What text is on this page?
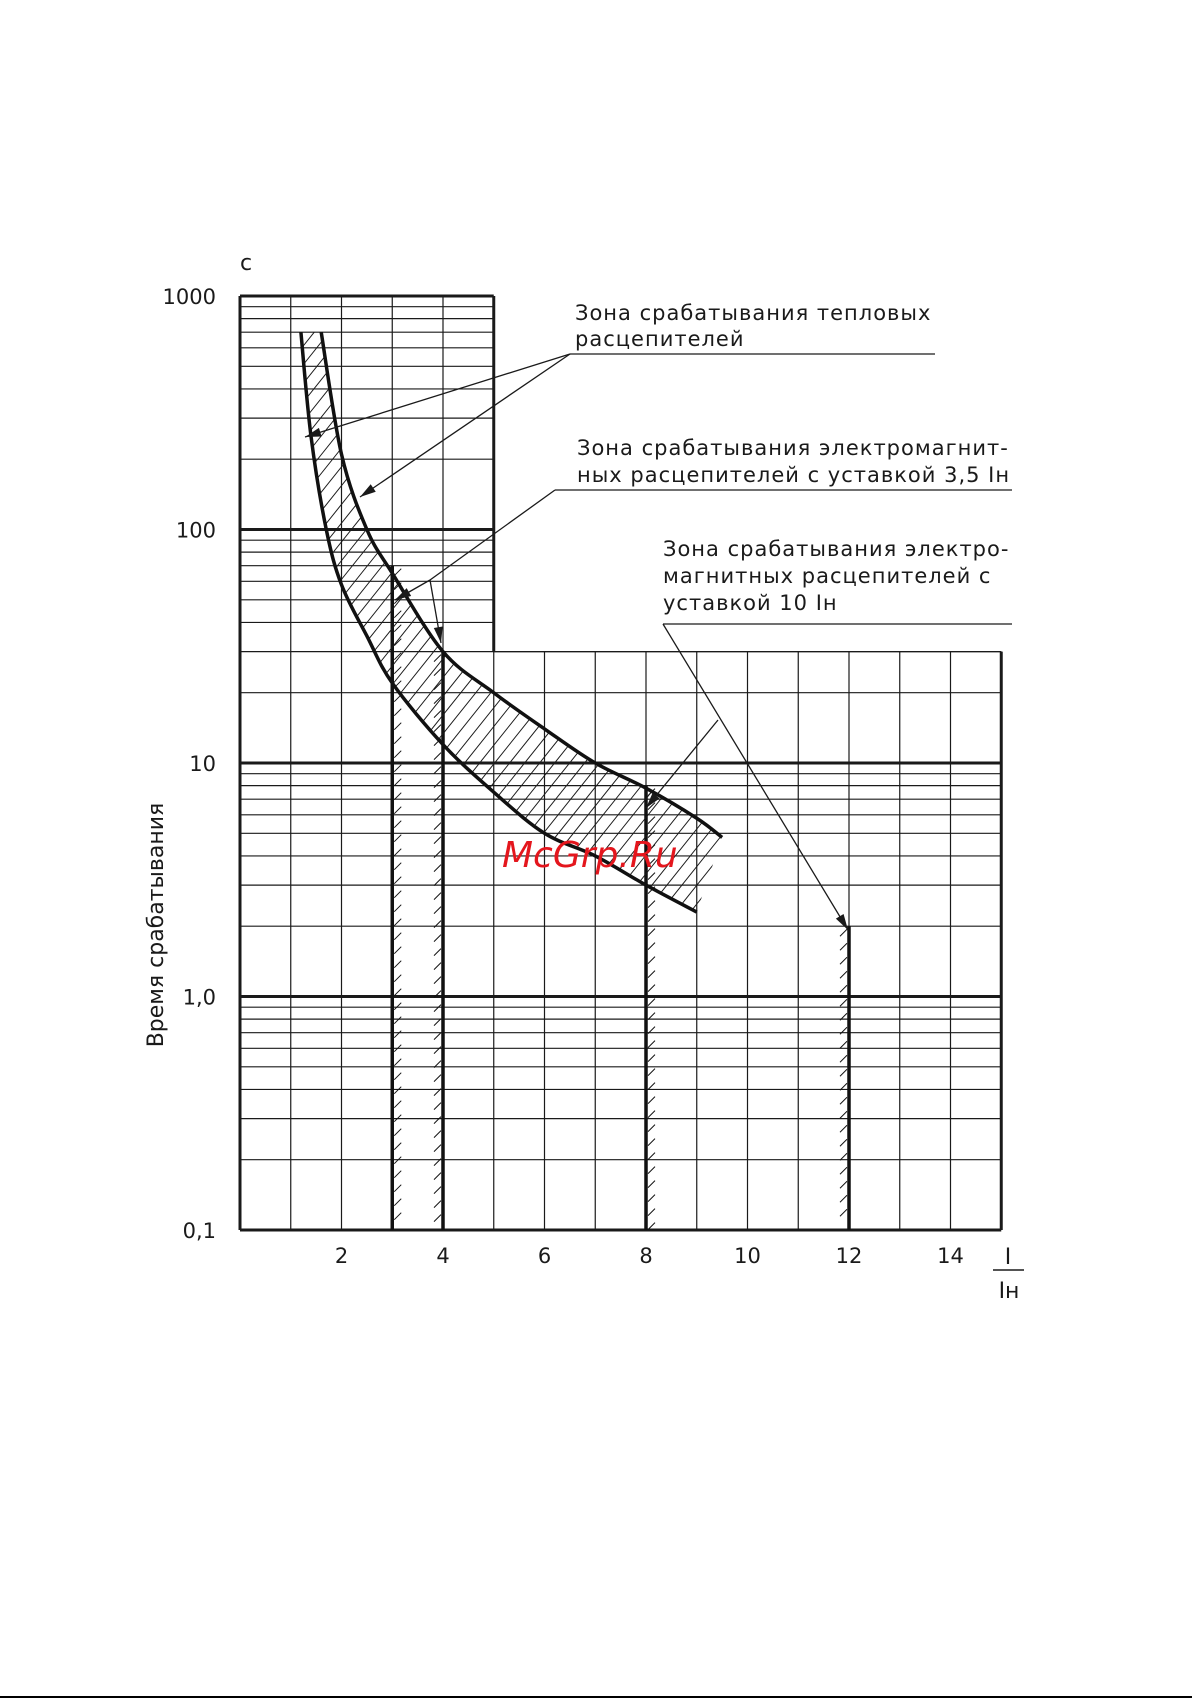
2	4	6	8	10	12	14
0,1
1,0
10
100
1000
с
Время срабатывания
I
Iн
Зона срабатывания тепловых
расцепителей
Зона срабатывания электромагнит-
ных расцепителей с уставкой 3,5 Iн
Зона срабатывания электро-
магнитных расцепителей с
уставкой 10 Iн
McGrp.Ru
